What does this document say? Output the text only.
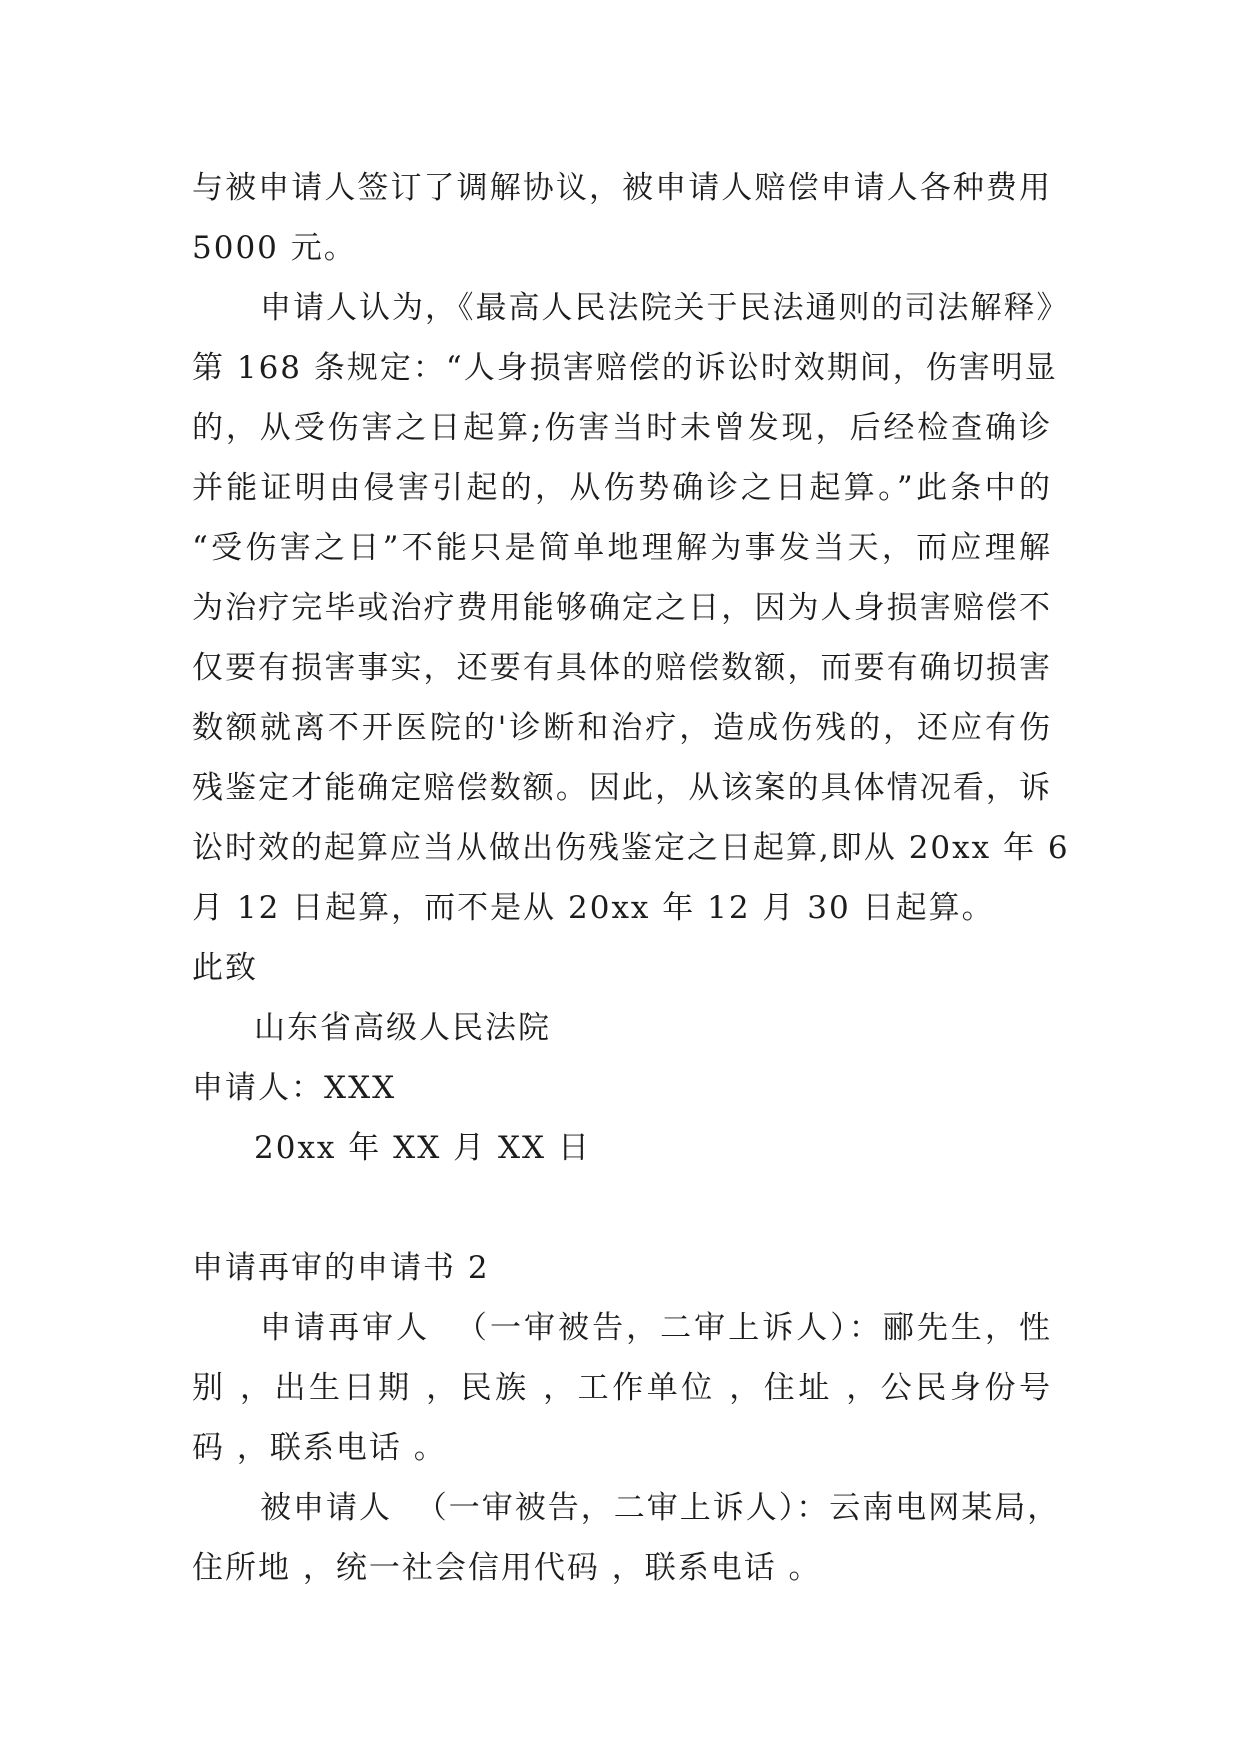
与被申请人签订了调解协议，被申请人赔偿申请人各种费用
5000 元。
申请人认为，《最高人民法院关于民法通则的司法解释》
第 168 条规定：“人身损害赔偿的诉讼时效期间，伤害明显
的，从受伤害之日起算;伤害当时未曾发现，后经检查确诊
并能证明由侵害引起的，从伤势确诊之日起算。”此条中的
“受伤害之日”不能只是简单地理解为事发当天，而应理解
为治疗完毕或治疗费用能够确定之日，因为人身损害赔偿不
仅要有损害事实，还要有具体的赔偿数额，而要有确切损害
数额就离不开医院的'诊断和治疗，造成伤残的，还应有伤
残鉴定才能确定赔偿数额。因此，从该案的具体情况看，诉
讼时效的起算应当从做出伤残鉴定之日起算,即从 20xx 年 6
月 12 日起算，而不是从 20xx 年 12 月 30 日起算。
此致
山东省高级人民法院
申请人：XXX
20xx 年 XX 月 XX 日
申请再审的申请书 2
申请再审人  （一审被告，二审上诉人）：郦先生，性
别 ，出生日期 ，民族 ，工作单位 ，住址 ，公民身份号
码 ，联系电话 。
被申请人  （一审被告，二审上诉人）：云南电网某局，
住所地 ，统一社会信用代码 ，联系电话 。
